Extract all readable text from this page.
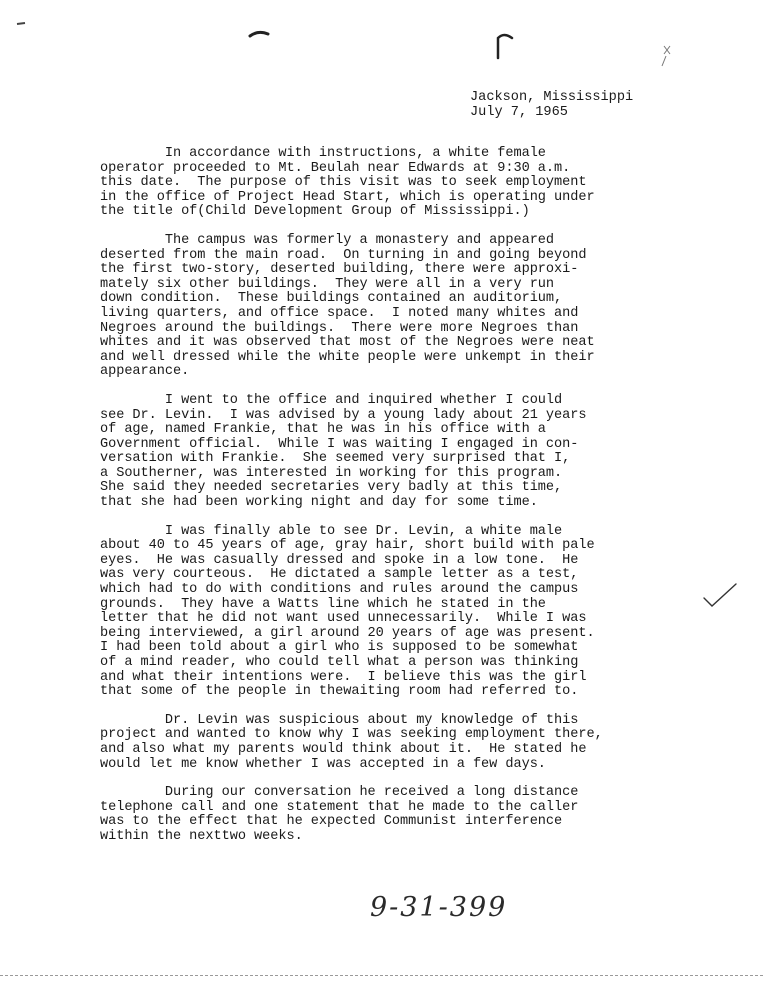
Jackson, Mississippi
July 7, 1965
In accordance with instructions, a white female
operator proceeded to Mt. Beulah near Edwards at 9:30 a.m.
this date.  The purpose of this visit was to seek employment
in the office of Project Head Start, which is operating under
the title of(Child Development Group of Mississippi.)
The campus was formerly a monastery and appeared
deserted from the main road.  On turning in and going beyond
the first two-story, deserted building, there were approxi-
mately six other buildings.  They were all in a very run
down condition.  These buildings contained an auditorium,
living quarters, and office space.  I noted many whites and
Negroes around the buildings.  There were more Negroes than
whites and it was observed that most of the Negroes were neat
and well dressed while the white people were unkempt in their
appearance.
I went to the office and inquired whether I could
see Dr. Levin.  I was advised by a young lady about 21 years
of age, named Frankie, that he was in his office with a
Government official.  While I was waiting I engaged in con-
versation with Frankie.  She seemed very surprised that I,
a Southerner, was interested in working for this program.
She said they needed secretaries very badly at this time,
that she had been working night and day for some time.
I was finally able to see Dr. Levin, a white male
about 40 to 45 years of age, gray hair, short build with pale
eyes.  He was casually dressed and spoke in a low tone.  He
was very courteous.  He dictated a sample letter as a test,
which had to do with conditions and rules around the campus
grounds.  They have a Watts line which he stated in the
letter that he did not want used unnecessarily.  While I was
being interviewed, a girl around 20 years of age was present.
I had been told about a girl who is supposed to be somewhat
of a mind reader, who could tell what a person was thinking
and what their intentions were.  I believe this was the girl
that some of the people in thewaiting room had referred to.
Dr. Levin was suspicious about my knowledge of this
project and wanted to know why I was seeking employment there,
and also what my parents would think about it.  He stated he
would let me know whether I was accepted in a few days.
During our conversation he received a long distance
telephone call and one statement that he made to the caller
was to the effect that he expected Communist interference
within the nexttwo weeks.
9-31-399
